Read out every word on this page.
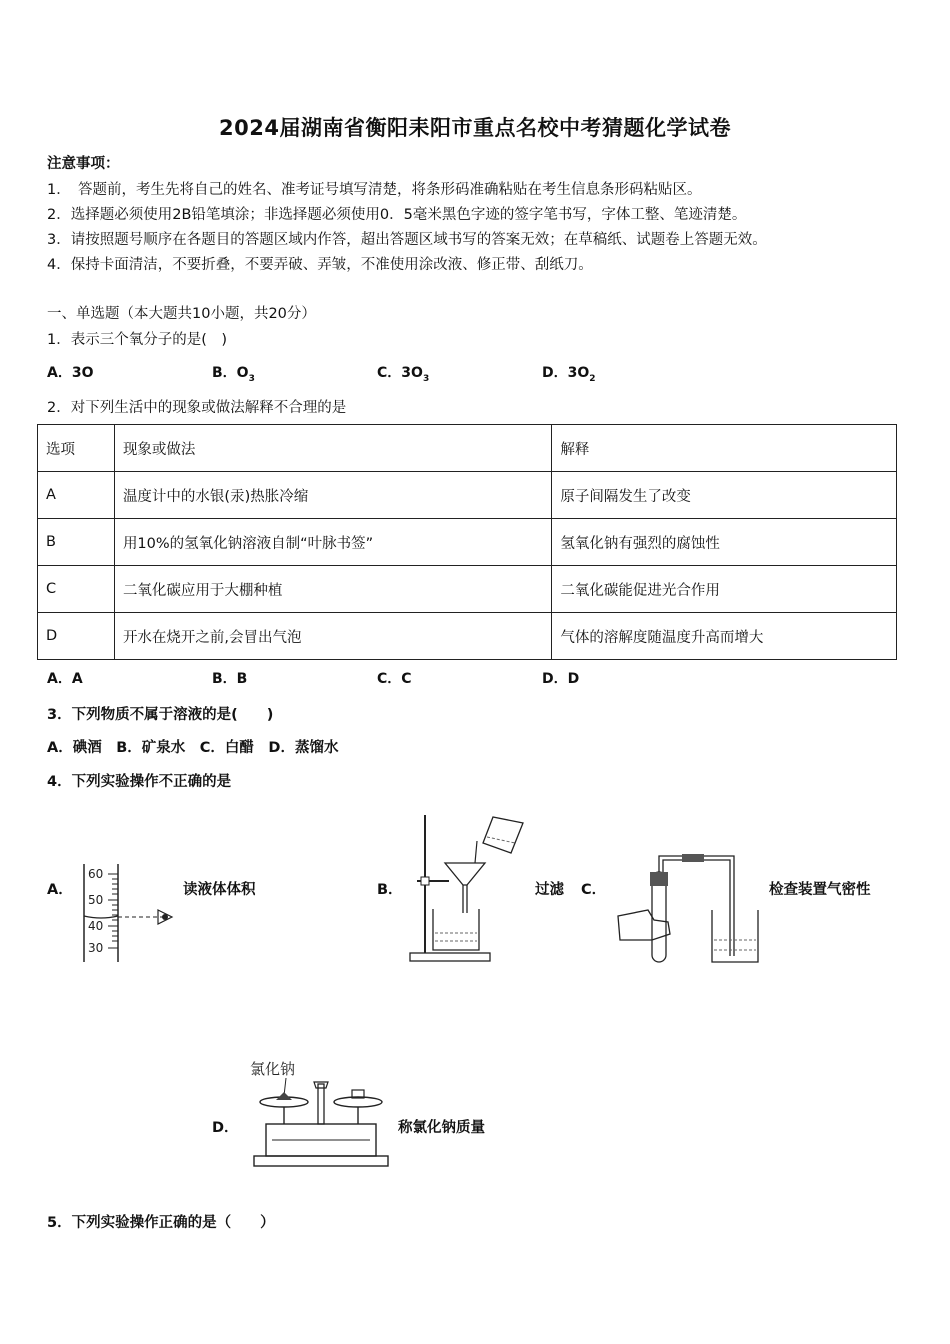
2024届湖南省衡阳耒阳市重点名校中考猜题化学试卷
注意事项：
1．　答题前，考生先将自己的姓名、准考证号填写清楚，将条形码准确粘贴在考生信息条形码粘贴区。
2．选择题必须使用2B铅笔填涂；非选择题必须使用0．5毫米黑色字迹的签字笔书写，字体工整、笔迹清楚。
3．请按照题号顺序在各题目的答题区域内作答，超出答题区域书写的答案无效；在草稿纸、试题卷上答题无效。
4．保持卡面清洁，不要折叠，不要弄破、弄皱，不准使用涂改液、修正带、刮纸刀。
一、单选题（本大题共10小题，共20分）
1．表示三个氧分子的是(　)
A．3O	B．$O_3$	C．$3O_3$	D．$3O_2$
2．对下列生活中的现象或做法解释不合理的是
选项	现象或做法	解释
A	温度计中的水银(汞)热胀冷缩	原子间隔发生了改变
B	用10%的氢氧化钠溶液自制“叶脉书签”	氢氧化钠有强烈的腐蚀性
C	二氧化碳应用于大棚种植	二氧化碳能促进光合作用
D	开水在烧开之前,会冒出气泡	气体的溶解度随温度升高而增大
A．A	B．B	C．C	D．D
3．下列物质不属于溶液的是(　　)
A．碘酒　B．矿泉水　C．白醋　D．蒸馏水
4．下列实验操作不正确的是
A．
60
50
40
30
读液体体积	B．	过滤 C．	检查装置气密性
D．
氯化钠
称氯化钠质量
5．下列实验操作正确的是（　　）
